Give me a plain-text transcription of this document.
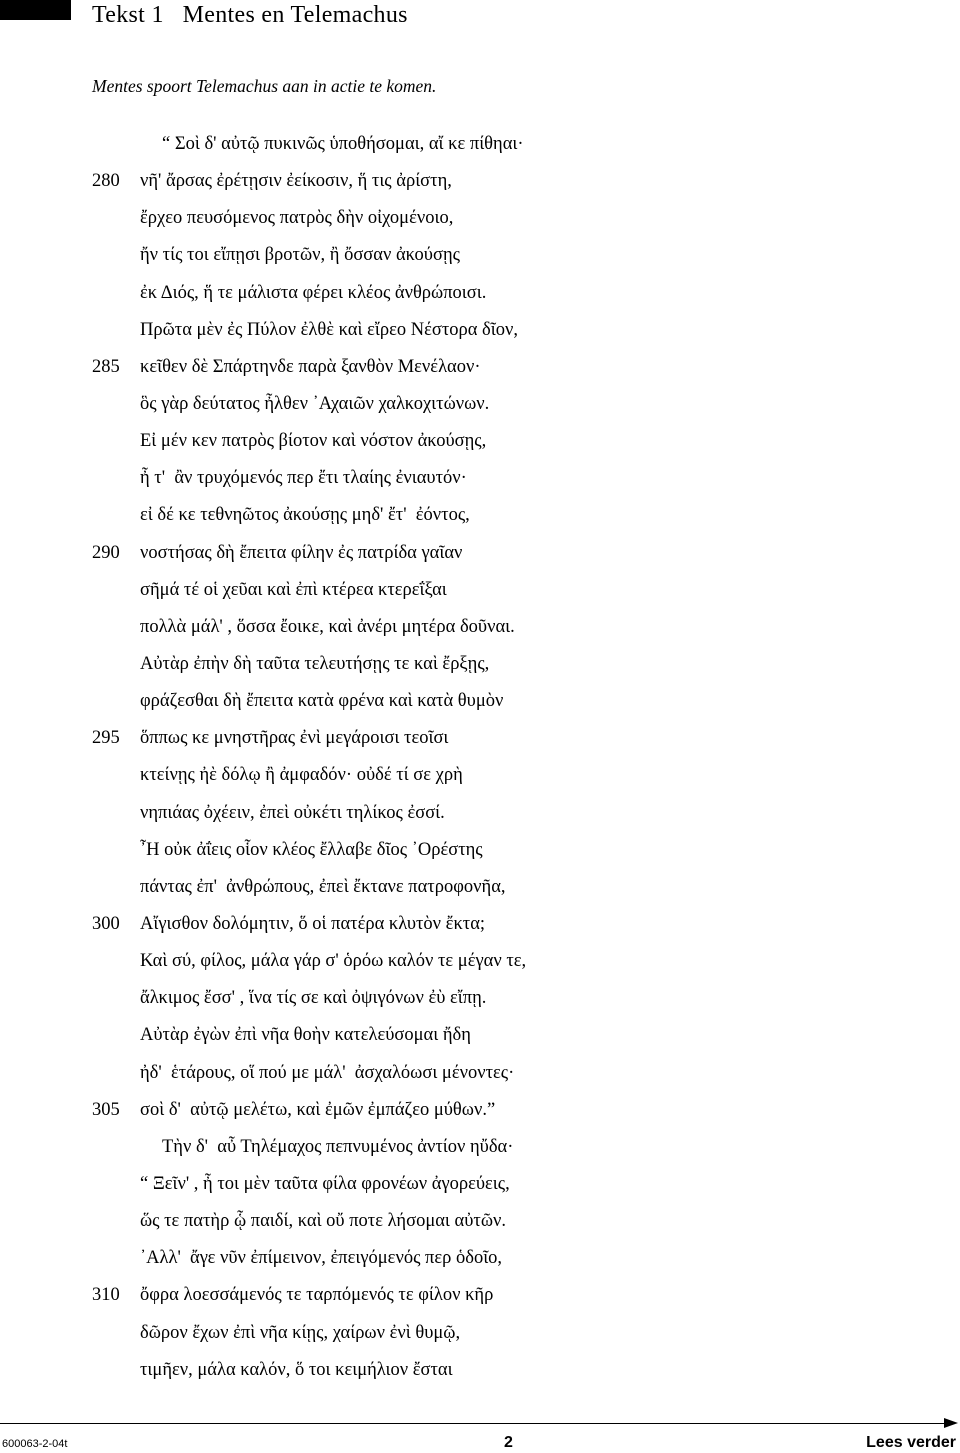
Tekst 1   Mentes en Telemachus
Mentes spoort Telemachus aan in actie te komen.
“ Σοὶ δ' αὐτῷ πυκινῶς ὑποθήσομαι, αἴ κε πίθηαι·
280	νῆ' ἄρσας ἐρέτῃσιν ἐείκοσιν, ἥ τις ἀρίστη,
ἔρχεο πευσόμενος πατρὸς δὴν οἰχομένοιο,
ἤν τίς τοι εἴπῃσι βροτῶν, ἢ ὄσσαν ἀκούσῃς
ἐκ Διός, ἥ τε μάλιστα φέρει κλέος ἀνθρώποισι.
Πρῶτα μὲν ἐς Πύλον ἐλθὲ καὶ εἴρεο Νέστορα δῖον,
285	κεῖθεν δὲ Σπάρτηνδε παρὰ ξανθὸν Μενέλαον·
ὃς γὰρ δεύτατος ἦλθεν ᾿Αχαιῶν χαλκοχιτώνων.
Εἰ μέν κεν πατρὸς βίοτον καὶ νόστον ἀκούσῃς,
ἦ τ'  ἂν τρυχόμενός περ ἔτι τλαίης ἐνιαυτόν·
εἰ δέ κε τεθνηῶτος ἀκούσῃς μηδ' ἔτ'  ἐόντος,
290	νοστήσας δὴ ἔπειτα φίλην ἐς πατρίδα γαῖαν
σῆμά τέ οἱ χεῦαι καὶ ἐπὶ κτέρεα κτερεΐξαι
πολλὰ μάλ' , ὅσσα ἔοικε, καὶ ἀνέρι μητέρα δοῦναι.
Αὐτὰρ ἐπὴν δὴ ταῦτα τελευτήσῃς τε καὶ ἔρξῃς,
φράζεσθαι δὴ ἔπειτα κατὰ φρένα καὶ κατὰ θυμὸν
295	ὅππως κε μνηστῆρας ἐνὶ μεγάροισι τεοῖσι
κτείνῃς ἠὲ δόλῳ ἢ ἀμφαδόν· οὐδέ τί σε χρὴ
νηπιάας ὀχέειν, ἐπεὶ οὐκέτι τηλίκος ἐσσί.
῏Η οὐκ ἀΐεις οἷον κλέος ἔλλαβε δῖος ᾿Ορέστης
πάντας ἐπ'  ἀνθρώπους, ἐπεὶ ἔκτανε πατροφονῆα,
300	Αἴγισθον δολόμητιν, ὅ οἱ πατέρα κλυτὸν ἔκτα;
Καὶ σύ, φίλος, μάλα γάρ σ' ὁρόω καλόν τε μέγαν τε,
ἄλκιμος ἔσσ' , ἵνα τίς σε καὶ ὀψιγόνων ἐὺ εἴπῃ.
Αὐτὰρ ἐγὼν ἐπὶ νῆα θοὴν κατελεύσομαι ἤδη
ἠδ'  ἑτάρους, οἵ πού με μάλ'  ἀσχαλόωσι μένοντες·
305	σοὶ δ'  αὐτῷ μελέτω, καὶ ἐμῶν ἐμπάζεο μύθων.”
Τὴν δ'  αὖ Τηλέμαχος πεπνυμένος ἀντίον ηὔδα·
“ Ξεῖν' , ἦ τοι μὲν ταῦτα φίλα φρονέων ἀγορεύεις,
ὥς τε πατὴρ ᾧ παιδί, καὶ οὔ ποτε λήσομαι αὐτῶν.
᾿Αλλ'  ἄγε νῦν ἐπίμεινον, ἐπειγόμενός περ ὁδοῖο,
310	ὄφρα λοεσσάμενός τε ταρπόμενός τε φίλον κῆρ
δῶρον ἔχων ἐπὶ νῆα κίῃς, χαίρων ἐνὶ θυμῷ,
τιμῆεν, μάλα καλόν, ὅ τοι κειμήλιον ἔσται
600063-2-04t	2	Lees verder
